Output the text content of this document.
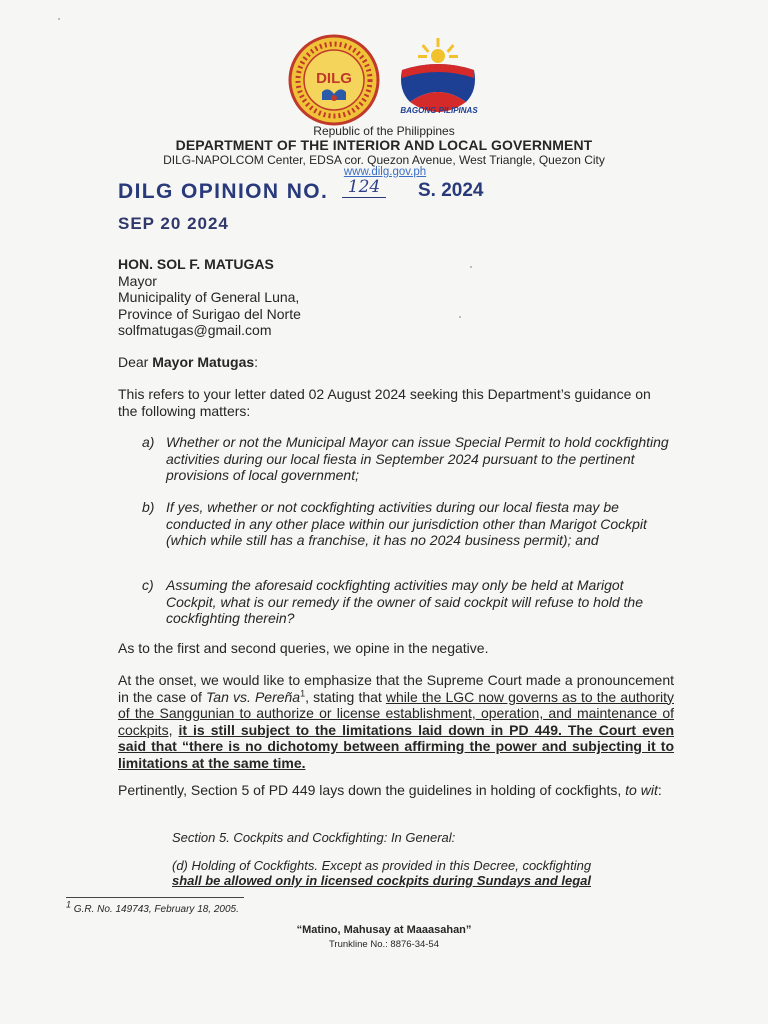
DILG
BAGONG PILIPINAS
Republic of the Philippines
DEPARTMENT OF THE INTERIOR AND LOCAL GOVERNMENT
DILG-NAPOLCOM Center, EDSA cor. Quezon Avenue, West Triangle, Quezon City
www.dilg.gov.ph
DILG OPINION NO.	124	S. 2024
SEP 20 2024
HON. SOL F. MATUGAS
Mayor
Municipality of General Luna,
Province of Surigao del Norte
solfmatugas@gmail.com
Dear Mayor Matugas:
This refers to your letter dated 02 August 2024 seeking this Department’s guidance on the following matters:
a) Whether or not the Municipal Mayor can issue Special Permit to hold cockfighting activities during our local fiesta in September 2024 pursuant to the pertinent provisions of local government;
b) If yes, whether or not cockfighting activities during our local fiesta may be conducted in any other place within our jurisdiction other than Marigot Cockpit (which while still has a franchise, it has no 2024 business permit); and
c) Assuming the aforesaid cockfighting activities may only be held at Marigot Cockpit, what is our remedy if the owner of said cockpit will refuse to hold the cockfighting therein?
As to the first and second queries, we opine in the negative.
At the onset, we would like to emphasize that the Supreme Court made a pronouncement in the case of Tan vs. Pereña$^1$, stating that while the LGC now governs as to the authority of the Sanggunian to authorize or license establishment, operation, and maintenance of cockpits, it is still subject to the limitations laid down in PD 449. The Court even said that “there is no dichotomy between affirming the power and subjecting it to limitations at the same time.
Pertinently, Section 5 of PD 449 lays down the guidelines in holding of cockfights, to wit:
Section 5. Cockpits and Cockfighting: In General:
(d) Holding of Cockfights. Except as provided in this Decree, cockfighting
shall be allowed only in licensed cockpits during Sundays and legal
$^1$ G.R. No. 149743, February 18, 2005.
“Matino, Mahusay at Maaasahan”
Trunkline No.: 8876-34-54
